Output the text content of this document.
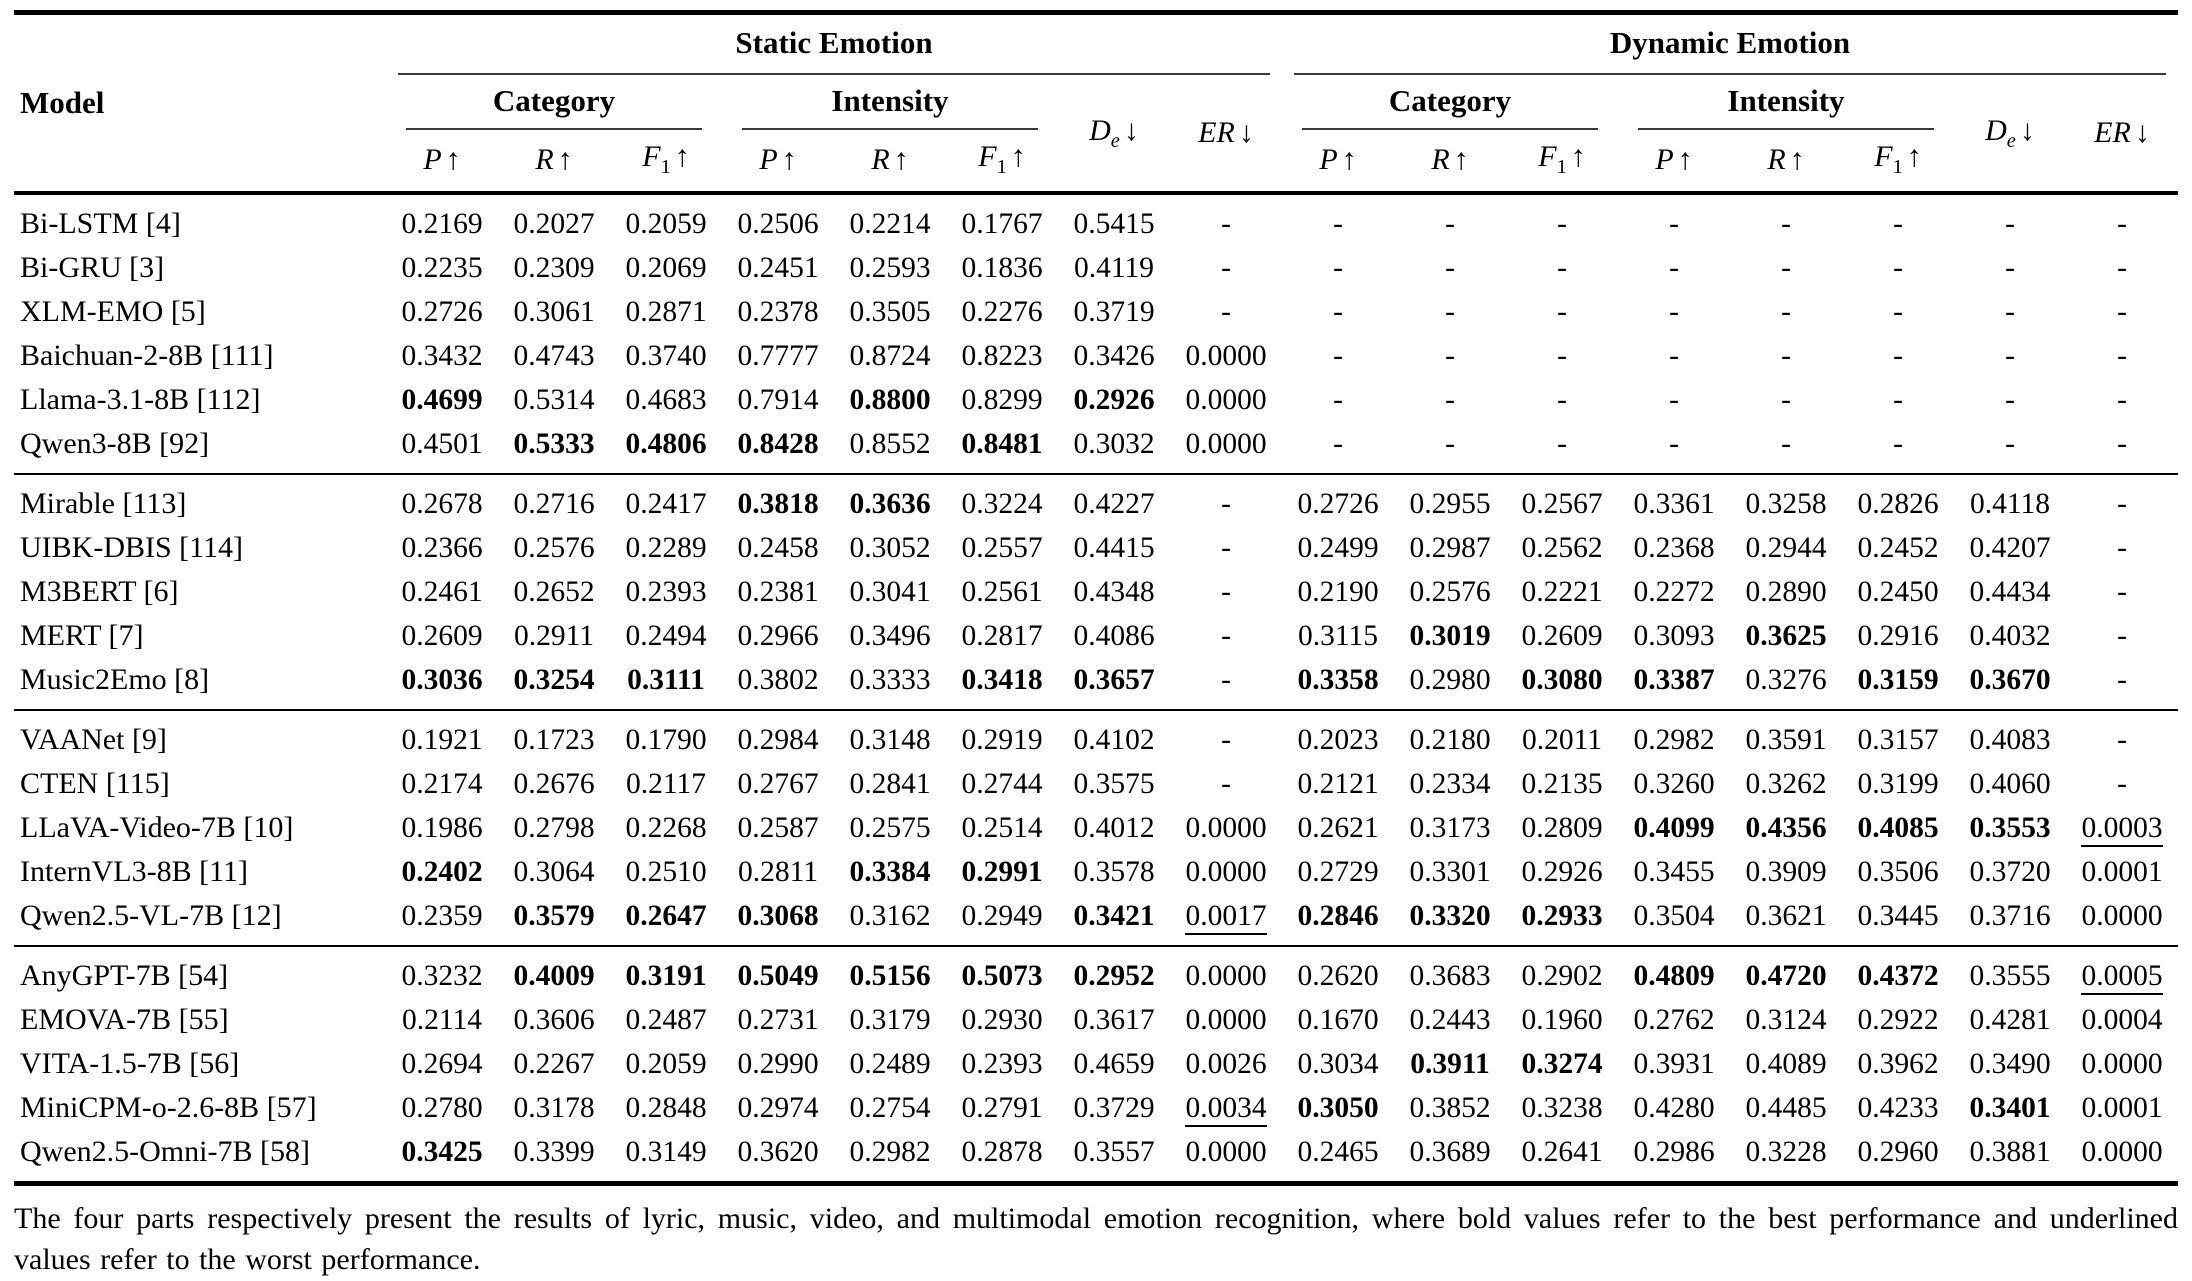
Model	Static Emotion								Dynamic Emotion							

	Category			Intensity			$D_e$ ↓	ER ↓	Category			Intensity			$D_e$ ↓	ER ↓
	P ↑	R ↑	$F_1$ ↑	P ↑	R ↑	$F_1$ ↑			P ↑	R ↑	$F_1$ ↑	P ↑	R ↑	$F_1$ ↑		
Bi-LSTM [4]	0.2169	0.2027	0.2059	0.2506	0.2214	0.1767	0.5415	-	-	-	-	-	-	-	-	-
Bi-GRU [3]	0.2235	0.2309	0.2069	0.2451	0.2593	0.1836	0.4119	-	-	-	-	-	-	-	-	-
XLM-EMO [5]	0.2726	0.3061	0.2871	0.2378	0.3505	0.2276	0.3719	-	-	-	-	-	-	-	-	-
Baichuan-2-8B [111]	0.3432	0.4743	0.3740	0.7777	0.8724	0.8223	0.3426	0.0000	-	-	-	-	-	-	-	-
Llama-3.1-8B [112]	0.4699	0.5314	0.4683	0.7914	0.8800	0.8299	0.2926	0.0000	-	-	-	-	-	-	-	-
Qwen3-8B [92]	0.4501	0.5333	0.4806	0.8428	0.8552	0.8481	0.3032	0.0000	-	-	-	-	-	-	-	-
Mirable [113]	0.2678	0.2716	0.2417	0.3818	0.3636	0.3224	0.4227	-	0.2726	0.2955	0.2567	0.3361	0.3258	0.2826	0.4118	-
UIBK-DBIS [114]	0.2366	0.2576	0.2289	0.2458	0.3052	0.2557	0.4415	-	0.2499	0.2987	0.2562	0.2368	0.2944	0.2452	0.4207	-
M3BERT [6]	0.2461	0.2652	0.2393	0.2381	0.3041	0.2561	0.4348	-	0.2190	0.2576	0.2221	0.2272	0.2890	0.2450	0.4434	-
MERT [7]	0.2609	0.2911	0.2494	0.2966	0.3496	0.2817	0.4086	-	0.3115	0.3019	0.2609	0.3093	0.3625	0.2916	0.4032	-
Music2Emo [8]	0.3036	0.3254	0.3111	0.3802	0.3333	0.3418	0.3657	-	0.3358	0.2980	0.3080	0.3387	0.3276	0.3159	0.3670	-
VAANet [9]	0.1921	0.1723	0.1790	0.2984	0.3148	0.2919	0.4102	-	0.2023	0.2180	0.2011	0.2982	0.3591	0.3157	0.4083	-
CTEN [115]	0.2174	0.2676	0.2117	0.2767	0.2841	0.2744	0.3575	-	0.2121	0.2334	0.2135	0.3260	0.3262	0.3199	0.4060	-
LLaVA-Video-7B [10]	0.1986	0.2798	0.2268	0.2587	0.2575	0.2514	0.4012	0.0000	0.2621	0.3173	0.2809	0.4099	0.4356	0.4085	0.3553	0.0003
InternVL3-8B [11]	0.2402	0.3064	0.2510	0.2811	0.3384	0.2991	0.3578	0.0000	0.2729	0.3301	0.2926	0.3455	0.3909	0.3506	0.3720	0.0001
Qwen2.5-VL-7B [12]	0.2359	0.3579	0.2647	0.3068	0.3162	0.2949	0.3421	0.0017	0.2846	0.3320	0.2933	0.3504	0.3621	0.3445	0.3716	0.0000
AnyGPT-7B [54]	0.3232	0.4009	0.3191	0.5049	0.5156	0.5073	0.2952	0.0000	0.2620	0.3683	0.2902	0.4809	0.4720	0.4372	0.3555	0.0005
EMOVA-7B [55]	0.2114	0.3606	0.2487	0.2731	0.3179	0.2930	0.3617	0.0000	0.1670	0.2443	0.1960	0.2762	0.3124	0.2922	0.4281	0.0004
VITA-1.5-7B [56]	0.2694	0.2267	0.2059	0.2990	0.2489	0.2393	0.4659	0.0026	0.3034	0.3911	0.3274	0.3931	0.4089	0.3962	0.3490	0.0000
MiniCPM-o-2.6-8B [57]	0.2780	0.3178	0.2848	0.2974	0.2754	0.2791	0.3729	0.0034	0.3050	0.3852	0.3238	0.4280	0.4485	0.4233	0.3401	0.0001
Qwen2.5-Omni-7B [58]	0.3425	0.3399	0.3149	0.3620	0.2982	0.2878	0.3557	0.0000	0.2465	0.3689	0.2641	0.2986	0.3228	0.2960	0.3881	0.0000

The four parts respectively present the results of lyric, music, video, and multimodal emotion recognition, where bold values refer to the best performance and underlined values refer to the worst performance.
